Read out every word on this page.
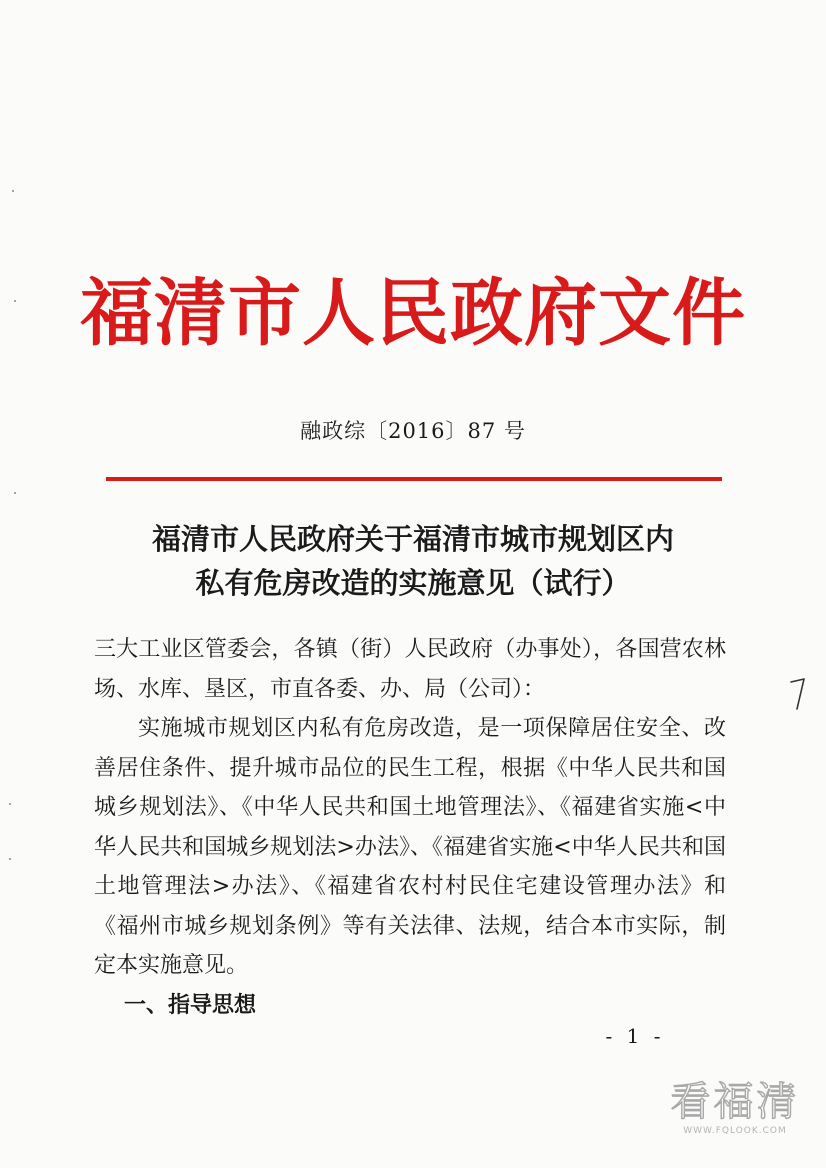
福清市人民政府文件
融政综〔2016〕87 号
福清市人民政府关于福清市城市规划区内
私有危房改造的实施意见（试行）

三大工业区管委会，各镇（街）人民政府（办事处），各国营农林场、水库、垦区，市直各委、办、局（公司）：

实施城市规划区内私有危房改造，是一项保障居住安全、改善居住条件、提升城市品位的民生工程，根据《中华人民共和国城乡规划法》、《中华人民共和国土地管理法》、《福建省实施<中华人民共和国城乡规划法>办法》、《福建省实施<中华人民共和国土地管理法>办法》、《福建省农村村民住宅建设管理办法》和《福州市城乡规划条例》等有关法律、法规，结合本市实际，制定本实施意见。

一、指导思想

- 1 -
看福清
WWW.FQLOOK.COM
